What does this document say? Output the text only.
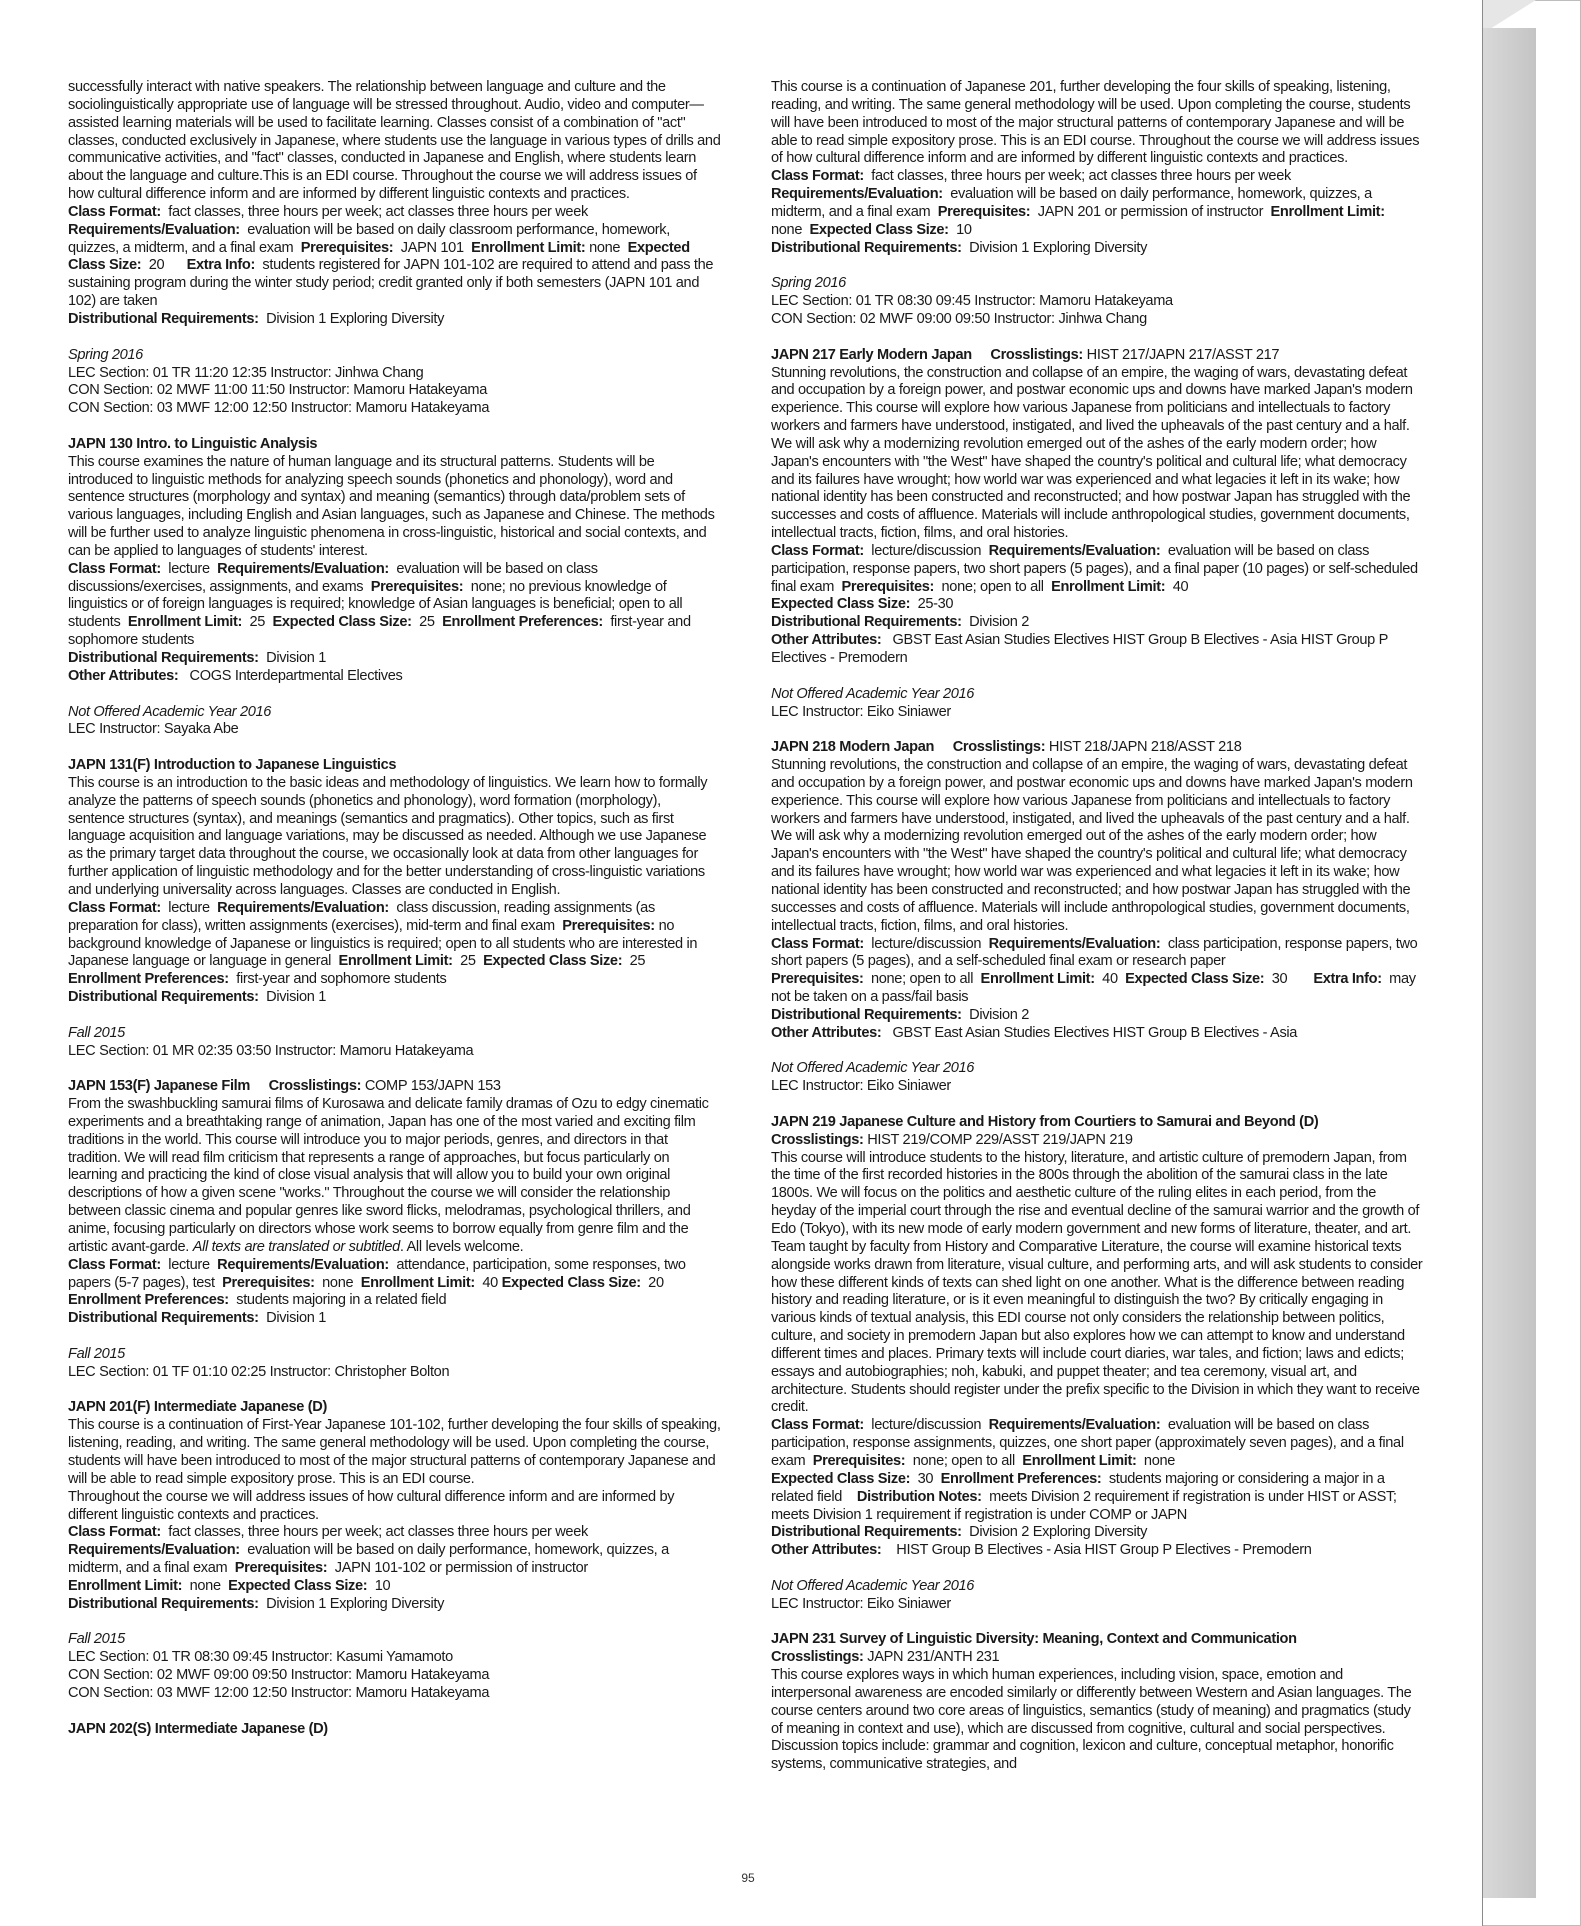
successfully interact with native speakers. The relationship between language and culture and the sociolinguistically appropriate use of language will be stressed throughout. Audio, video and computer—assisted learning materials will be used to facilitate learning. Classes consist of a combination of "act" classes, conducted exclusively in Japanese, where students use the language in various types of drills and communicative activities, and "fact" classes, conducted in Japanese and English, where students learn about the language and culture.This is an EDI course. Throughout the course we will address issues of how cultural difference inform and are informed by different linguistic contexts and practices.
Class Format: fact classes, three hours per week; act classes three hours per week
Requirements/Evaluation: evaluation will be based on daily classroom performance, homework, quizzes, a midterm, and a final exam Prerequisites: JAPN 101 Enrollment Limit: none Expected Class Size: 20 Extra Info: students registered for JAPN 101-102 are required to attend and pass the sustaining program during the winter study period; credit granted only if both semesters (JAPN 101 and 102) are taken
Distributional Requirements: Division 1 Exploring Diversity
Spring 2016
LEC Section: 01 TR 11:20 12:35 Instructor: Jinhwa Chang
CON Section: 02 MWF 11:00 11:50 Instructor: Mamoru Hatakeyama
CON Section: 03 MWF 12:00 12:50 Instructor: Mamoru Hatakeyama
JAPN 130 Intro. to Linguistic Analysis
This course examines the nature of human language and its structural patterns. Students will be introduced to linguistic methods for analyzing speech sounds (phonetics and phonology), word and sentence structures (morphology and syntax) and meaning (semantics) through data/problem sets of various languages, including English and Asian languages, such as Japanese and Chinese. The methods will be further used to analyze linguistic phenomena in cross-linguistic, historical and social contexts, and can be applied to languages of students' interest.
Class Format: lecture Requirements/Evaluation: evaluation will be based on class discussions/exercises, assignments, and exams Prerequisites: none; no previous knowledge of linguistics or of foreign languages is required; knowledge of Asian languages is beneficial; open to all students Enrollment Limit: 25 Expected Class Size: 25 Enrollment Preferences: first-year and sophomore students
Distributional Requirements: Division 1
Other Attributes: COGS Interdepartmental Electives
Not Offered Academic Year 2016
LEC Instructor: Sayaka Abe
JAPN 131(F) Introduction to Japanese Linguistics
This course is an introduction to the basic ideas and methodology of linguistics. We learn how to formally analyze the patterns of speech sounds (phonetics and phonology), word formation (morphology), sentence structures (syntax), and meanings (semantics and pragmatics). Other topics, such as first language acquisition and language variations, may be discussed as needed. Although we use Japanese as the primary target data throughout the course, we occasionally look at data from other languages for further application of linguistic methodology and for the better understanding of cross-linguistic variations and underlying universality across languages. Classes are conducted in English.
Class Format: lecture Requirements/Evaluation: class discussion, reading assignments (as preparation for class), written assignments (exercises), mid-term and final exam Prerequisites: no background knowledge of Japanese or linguistics is required; open to all students who are interested in Japanese language or language in general Enrollment Limit: 25 Expected Class Size: 25  Enrollment Preferences: first-year and sophomore students
Distributional Requirements: Division 1
Fall 2015
LEC Section: 01 MR 02:35 03:50 Instructor: Mamoru Hatakeyama
JAPN 153(F) Japanese Film Crosslistings: COMP 153/JAPN 153
From the swashbuckling samurai films of Kurosawa and delicate family dramas of Ozu to edgy cinematic experiments and a breathtaking range of animation, Japan has one of the most varied and exciting film traditions in the world. This course will introduce you to major periods, genres, and directors in that tradition. We will read film criticism that represents a range of approaches, but focus particularly on learning and practicing the kind of close visual analysis that will allow you to build your own original descriptions of how a given scene "works." Throughout the course we will consider the relationship between classic cinema and popular genres like sword flicks, melodramas, psychological thrillers, and anime, focusing particularly on directors whose work seems to borrow equally from genre film and the artistic avant-garde. All texts are translated or subtitled. All levels welcome.
Class Format: lecture Requirements/Evaluation: attendance, participation, some responses, two papers (5-7 pages), test Prerequisites: none Enrollment Limit: 40 Expected Class Size: 20  Enrollment Preferences: students majoring in a related field
Distributional Requirements: Division 1
Fall 2015
LEC Section: 01 TF 01:10 02:25 Instructor: Christopher Bolton
JAPN 201(F) Intermediate Japanese (D)
This course is a continuation of First-Year Japanese 101-102, further developing the four skills of speaking, listening, reading, and writing. The same general methodology will be used. Upon completing the course, students will have been introduced to most of the major structural patterns of contemporary Japanese and will be able to read simple expository prose. This is an EDI course.
Throughout the course we will address issues of how cultural difference inform and are informed by different linguistic contexts and practices.
Class Format: fact classes, three hours per week; act classes three hours per week
Requirements/Evaluation: evaluation will be based on daily performance, homework, quizzes, a midterm, and a final exam Prerequisites: JAPN 101-102 or permission of instructor
Enrollment Limit: none Expected Class Size: 10
Distributional Requirements: Division 1 Exploring Diversity
Fall 2015
LEC Section: 01 TR 08:30 09:45 Instructor: Kasumi Yamamoto
CON Section: 02 MWF 09:00 09:50 Instructor: Mamoru Hatakeyama
CON Section: 03 MWF 12:00 12:50 Instructor: Mamoru Hatakeyama
JAPN 202(S) Intermediate Japanese (D)
This course is a continuation of Japanese 201, further developing the four skills of speaking, listening, reading, and writing. The same general methodology will be used. Upon completing the course, students will have been introduced to most of the major structural patterns of contemporary Japanese and will be able to read simple expository prose. This is an EDI course. Throughout the course we will address issues of how cultural difference inform and are informed by different linguistic contexts and practices.
Class Format: fact classes, three hours per week; act classes three hours per week
Requirements/Evaluation: evaluation will be based on daily performance, homework, quizzes, a midterm, and a final exam Prerequisites: JAPN 201 or permission of instructor Enrollment Limit:  none Expected Class Size: 10
Distributional Requirements: Division 1 Exploring Diversity
Spring 2016
LEC Section: 01 TR 08:30 09:45 Instructor: Mamoru Hatakeyama
CON Section: 02 MWF 09:00 09:50 Instructor: Jinhwa Chang
JAPN 217 Early Modern Japan Crosslistings: HIST 217/JAPN 217/ASST 217
Stunning revolutions, the construction and collapse of an empire, the waging of wars, devastating defeat and occupation by a foreign power, and postwar economic ups and downs have marked Japan's modern experience. This course will explore how various Japanese from politicians and intellectuals to factory workers and farmers have understood, instigated, and lived the upheavals of the past century and a half. We will ask why a modernizing revolution emerged out of the ashes of the early modern order; how Japan's encounters with "the West" have shaped the country's political and cultural life; what democracy and its failures have wrought; how world war was experienced and what legacies it left in its wake; how national identity has been constructed and reconstructed; and how postwar Japan has struggled with the successes and costs of affluence. Materials will include anthropological studies, government documents, intellectual tracts, fiction, films, and oral histories.
Class Format: lecture/discussion Requirements/Evaluation: evaluation will be based on class participation, response papers, two short papers (5 pages), and a final paper (10 pages) or self-scheduled final exam Prerequisites: none; open to all Enrollment Limit: 40
Expected Class Size: 25-30
Distributional Requirements: Division 2
Other Attributes: GBST East Asian Studies Electives HIST Group B Electives - Asia HIST Group P Electives - Premodern
Not Offered Academic Year 2016
LEC Instructor: Eiko Siniawer
JAPN 218 Modern Japan Crosslistings: HIST 218/JAPN 218/ASST 218
Stunning revolutions, the construction and collapse of an empire, the waging of wars, devastating defeat and occupation by a foreign power, and postwar economic ups and downs have marked Japan's modern experience. This course will explore how various Japanese from politicians and intellectuals to factory workers and farmers have understood, instigated, and lived the upheavals of the past century and a half. We will ask why a modernizing revolution emerged out of the ashes of the early modern order; how Japan's encounters with "the West" have shaped the country's political and cultural life; what democracy and its failures have wrought; how world war was experienced and what legacies it left in its wake; how national identity has been constructed and reconstructed; and how postwar Japan has struggled with the successes and costs of affluence. Materials will include anthropological studies, government documents, intellectual tracts, fiction, films, and oral histories.
Class Format: lecture/discussion Requirements/Evaluation: class participation, response papers, two short papers (5 pages), and a self-scheduled final exam or research paper
Prerequisites: none; open to all Enrollment Limit: 40 Expected Class Size: 30 Extra Info: may not be taken on a pass/fail basis
Distributional Requirements: Division 2
Other Attributes: GBST East Asian Studies Electives HIST Group B Electives - Asia
Not Offered Academic Year 2016
LEC Instructor: Eiko Siniawer
JAPN 219 Japanese Culture and History from Courtiers to Samurai and Beyond (D)
Crosslistings: HIST 219/COMP 229/ASST 219/JAPN 219
This course will introduce students to the history, literature, and artistic culture of premodern Japan, from the time of the first recorded histories in the 800s through the abolition of the samurai class in the late 1800s. We will focus on the politics and aesthetic culture of the ruling elites in each period, from the heyday of the imperial court through the rise and eventual decline of the samurai warrior and the growth of Edo (Tokyo), with its new mode of early modern government and new forms of literature, theater, and art. Team taught by faculty from History and Comparative Literature, the course will examine historical texts alongside works drawn from literature, visual culture, and performing arts, and will ask students to consider how these different kinds of texts can shed light on one another. What is the difference between reading history and reading literature, or is it even meaningful to distinguish the two? By critically engaging in various kinds of textual analysis, this EDI course not only considers the relationship between politics, culture, and society in premodern Japan but also explores how we can attempt to know and understand different times and places. Primary texts will include court diaries, war tales, and fiction; laws and edicts; essays and autobiographies; noh, kabuki, and puppet theater; and tea ceremony, visual art, and architecture. Students should register under the prefix specific to the Division in which they want to receive credit.
Class Format: lecture/discussion Requirements/Evaluation: evaluation will be based on class participation, response assignments, quizzes, one short paper (approximately seven pages), and a final exam Prerequisites: none; open to all Enrollment Limit: none
Expected Class Size: 30 Enrollment Preferences: students majoring or considering a major in a related field Distribution Notes: meets Division 2 requirement if registration is under HIST or ASST; meets Division 1 requirement if registration is under COMP or JAPN
Distributional Requirements: Division 2 Exploring Diversity
Other Attributes: HIST Group B Electives - Asia HIST Group P Electives - Premodern
Not Offered Academic Year 2016
LEC Instructor: Eiko Siniawer
JAPN 231 Survey of Linguistic Diversity: Meaning, Context and Communication
Crosslistings: JAPN 231/ANTH 231
This course explores ways in which human experiences, including vision, space, emotion and interpersonal awareness are encoded similarly or differently between Western and Asian languages. The course centers around two core areas of linguistics, semantics (study of meaning) and pragmatics (study of meaning in context and use), which are discussed from cognitive, cultural and social perspectives. Discussion topics include: grammar and cognition, lexicon and culture, conceptual metaphor, honorific systems, communicative strategies, and
95
